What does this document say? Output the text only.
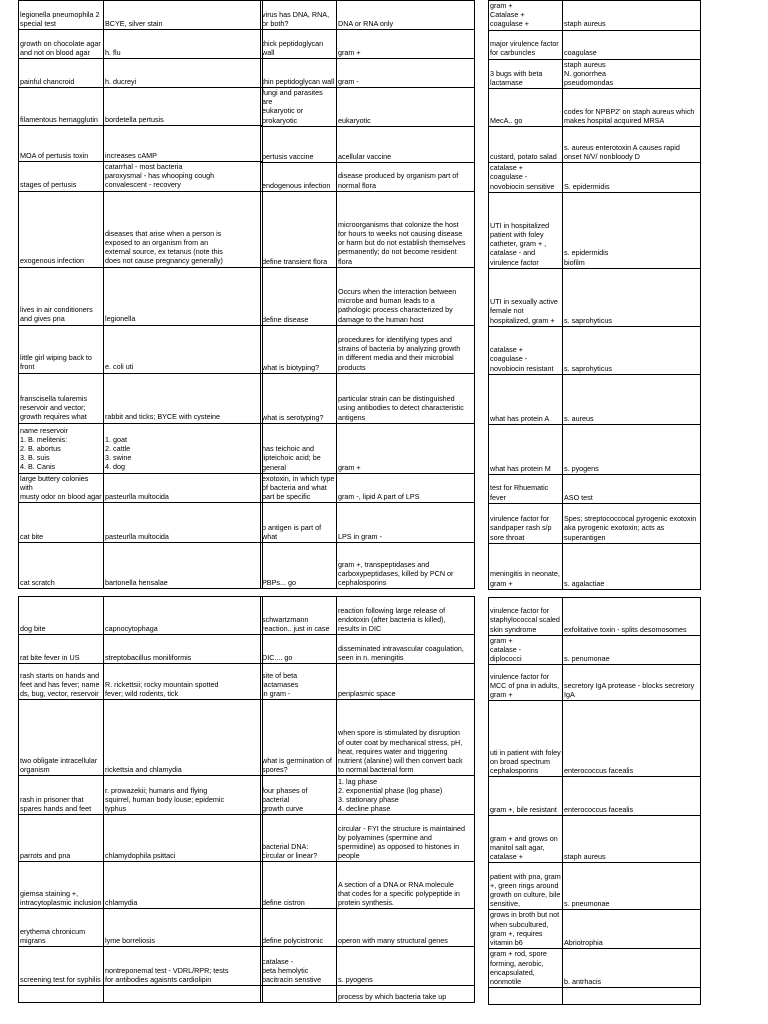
legionella pneumophila 2
special test	BCYE, silver stain
growth on chocolate agar
and not on blood agar	h. flu
painful chancroid	h. ducreyi
filamentous hemagglutin	bordetella pertusis
MOA of pertusis toxin	increases cAMP
stages of pertusis	catarrhal - most bacteria
paroxysmal - has whooping cough
convalescent - recovery
exogenous infection	diseases that arise when a person is
exposed to an organism from an
external source, ex tetanus (note this
does not cause pregnancy generally)
lives in air conditioners
and gives pna	legionella
little girl wiping back to
front	e. coli uti
franscisella tularemis
reservoir and vector;
growth requires what	rabbit and ticks; BYCE with cysteine
name reservoir
1. B. melitenis:
2. B. abortus
3. B. suis
4. B. Canis	1. goat
2. cattle
3. swine
4. dog
large buttery colonies with
musty odor on blood agar	pasteurlla multocida
cat bite	pasteurlla multocida
cat scratch	bartonella hensalae

dog bite	capnocytophaga
rat bite fever in US	streptobacillus moniliformis
rash starts on hands and
feet and has fever; name
ds, bug, vector, reservoir	R. rickettsii; rocky mountain spotted
fever; wild rodents, tick
two obligate intracellular
organism	rickettsia and chlamydia
rash in prisoner that
spares hands and feet	r. prowazekii; humans and flying
squirrel, human body louse; epidemic
typhus
parrots and pna	chlamydophila psittaci
giemsa staining +,
intracytoplasmic inclusion	chlamydia
erythema chronicum
migrans	lyme borreliosis
screening test for syphilis	nontreponemal test - VDRL/RPR; tests
for antibodies agaisnts cardiolipin

virus has DNA, RNA,
or both?	DNA or RNA only
thick peptidoglycan
wall	gram +
thin peptidoglycan wall	gram -
fungi and parasites are
eukaryotic or
prokaryotic	eukaryotic
pertusis vaccine	acellular vaccine
endogenous infection	disease produced by organism part of
normal flora
define transient flora	microorganisms that colonize the host
for hours to weeks not causing disease
or harm but do not establish themselves
permanently; do not become resident
flora
define disease	Occurs when the interaction between
microbe and human leads to a
pathologic process characterized by
damage to the human host
what is biotyping?	procedures for identifying types and
strains of bacteria by analyzing growth
in different media and their microbial
products
what is serotyping?	particular strain can be distinguished
using antibodies to detect characteristic
antigens
has teichoic and
lipteichoic acid; be
general	gram +
exotoxin, in which type
of bacteria and what
part be specific	gram -, lipid A part of LPS
o antigen is part of
what	LPS in gram -
PBPs... go	gram +, transpeptidases and
carboxypeptidases, killed by PCN or
cephalosporins

schwartzmann
reaction.. just in case	reaction following large release of
endotoxin (after bacteria is killed),
results in DIC
DIC.... go	disseminated intravascular coagulation,
seen in n. meningitis
site of beta lactamases
in gram -	periplasmic space
what is germination of
spores?	when spore is stimulated by disruption
of outer coat by mechanical stress, pH,
heat, requires water and triggering
nutrient (alanine) will then convert back
to normal bacterial form
four phases of bacterial
growth curve	1. lag phase
2. exponential phase (log phase)
3. stationary phase
4. decline phase
bacterial DNA:
circular or linear?	circular - FYI the structure is maintained
by polyamines (spermine and
spermidine) as opposed to histones in
people
define cistron	A section of a DNA or RNA molecule
that codes for a specific polypeptide in
protein synthesis.
define polycistronic	operon with many structural genes
catalase -
beta hemolytic
bacitracin senstive	s. pyogens
	process by which bacteria take up
gram +
Catalase +
coagulase +	staph aureus
major virulence factor
for carbuncles	coagulase
3 bugs with beta
lactamase	staph aureus
N. gonorrhea
pseudomondas
MecA.. go	codes for NPBP2' on staph aureus which
makes hospital acquired MRSA
custard, potato salad	s. aureus enterotoxin A causes rapid
onset N/V/ nonbloody D
catalase +
coagulase -
novobiocin sensitive	S. epidermidis
UTI in hospitalized
patient with foley
catheter, gram + ,
catalase - and
virulence factor	s. epidermidis
biofilm
UTI in sexually active
female not
hospitalized, gram +	s. saprohyticus
catalase +
coagulase -
novobiocin resistant	s. saprohyticus
what has protein A	s. aureus
what has protein M	s. pyogens
test for Rhuematic
fever	ASO test
virulence factor for
sandpaper rash s/p
sore throat	Spes; streptococcocal pyrogenic exotoxin
aka pyrogenic exotoxin; acts as
superantigen
meningitis in neonate,
gram +	s. agalactiae

virulence factor for
staphylococcal scaled
skin syndrome	exfolitative toxin - splits desomosomes
gram +
catalase -
diplococci	s. penumonae
virulence factor for
MCC of pna in adults,
gram +	secretory IgA protease - blocks secretory
IgA
uti in patient with foley
on broad spectrum
cephalosporins	enterococcus facealis
gram +, bile resistant	enterococcus facealis
gram + and grows on
manitol salt agar,
catalase +	staph aureus
patient with pna, gram
+, green rings around
growth on culture, bile
sensitive,	s. pneumonae
grows in broth but not
when subcultured,
gram +, requires
vitamin b6	Abriotrophia
gram + rod, spore
forming, aerobic,
encapsulated,
nonmotile	b. antrhacis
